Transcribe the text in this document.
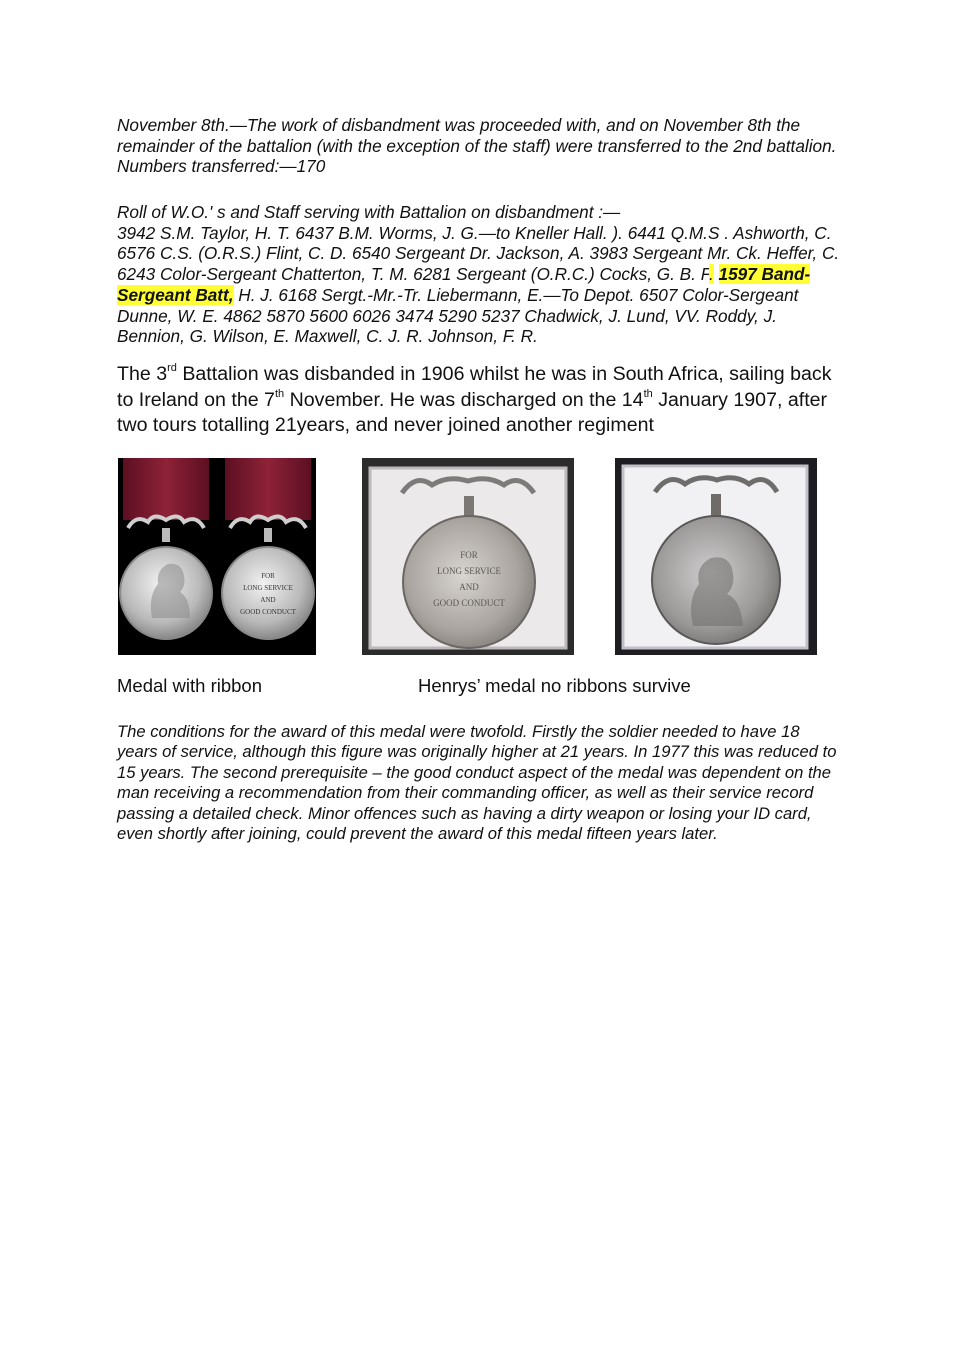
November 8th.—The work of disbandment was proceeded with, and on November 8th the remainder of the battalion (with the exception of the staff) were transferred to the 2nd battalion. Numbers transferred:—170

Roll of W.O.' s and Staff serving with Battalion on disbandment :—
3942 S.M. Taylor, H. T. 6437 B.M. Worms, J. G.—to Kneller Hall. ). 6441 Q.M.S . Ashworth, C. 6576 C.S. (O.R.S.) Flint, C. D. 6540 Sergeant Dr. Jackson, A. 3983 Sergeant Mr. Ck. Heffer, C. 6243 Color-Sergeant Chatterton, T. M. 6281 Sergeant (O.R.C.) Cocks, G. B. F. 1597 Band-Sergeant Batt, H. J. 6168 Sergt.-Mr.-Tr. Liebermann, E.—To Depot. 6507 Color-Sergeant Dunne, W. E. 4862 5870 5600 6026 3474 5290 5237 Chadwick, J. Lund, VV. Roddy, J. Bennion, G. Wilson, E. Maxwell, C. J. R. Johnson, F. R.

The 3rd Battalion was disbanded in 1906 whilst he was in South Africa, sailing back to Ireland on the 7th November. He was discharged on the 14th January 1907, after two tours totalling 21years, and never joined another regiment

FOR
LONG SERVICE
AND
GOOD CONDUCT
FOR
LONG SERVICE
AND
GOOD CONDUCT

Medal with ribbon	Henrys’ medal no ribbons survive

The conditions for the award of this medal were twofold. Firstly the soldier needed to have 18 years of service, although this figure was originally higher at 21 years. In 1977 this was reduced to 15 years. The second prerequisite – the good conduct aspect of the medal was dependent on the man receiving a recommendation from their commanding officer, as well as their service record passing a detailed check. Minor offences such as having a dirty weapon or losing your ID card, even shortly after joining, could prevent the award of this medal fifteen years later.
